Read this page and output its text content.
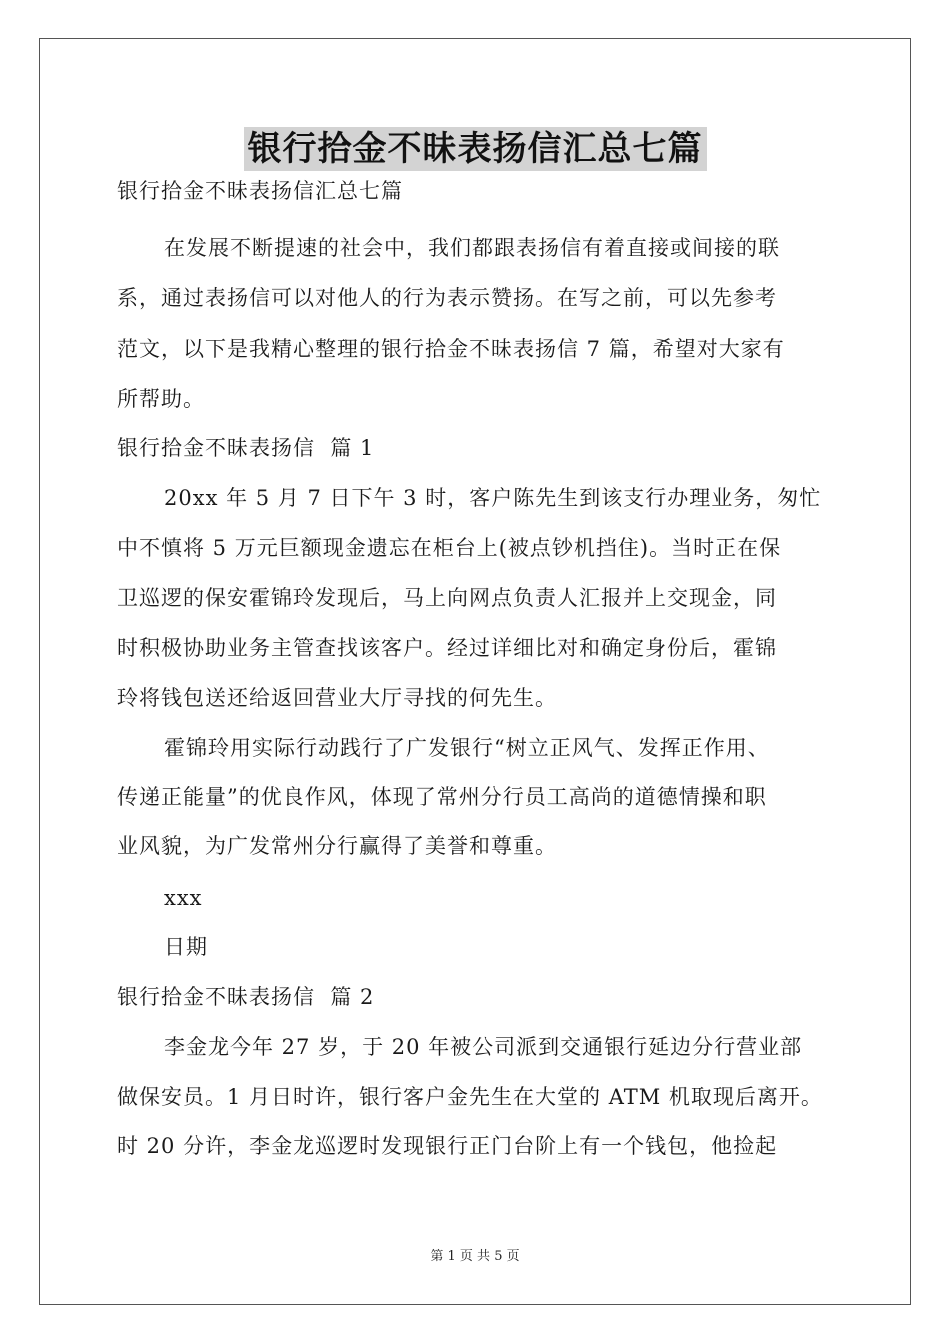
银行拾金不昧表扬信汇总七篇
银行拾金不昧表扬信汇总七篇
在发展不断提速的社会中，我们都跟表扬信有着直接或间接的联
系，通过表扬信可以对他人的行为表示赞扬。在写之前，可以先参考
范文，以下是我精心整理的银行拾金不昧表扬信 7 篇，希望对大家有
所帮助。
银行拾金不昧表扬信  篇 1
20xx 年 5 月 7 日下午 3 时，客户陈先生到该支行办理业务，匆忙
中不慎将 5 万元巨额现金遗忘在柜台上(被点钞机挡住)。当时正在保
卫巡逻的保安霍锦玲发现后，马上向网点负责人汇报并上交现金，同
时积极协助业务主管查找该客户。经过详细比对和确定身份后，霍锦
玲将钱包送还给返回营业大厅寻找的何先生。
霍锦玲用实际行动践行了广发银行“树立正风气、发挥正作用、
传递正能量”的优良作风，体现了常州分行员工高尚的道德情操和职
业风貌，为广发常州分行赢得了美誉和尊重。
xxx
日期
银行拾金不昧表扬信  篇 2
李金龙今年 27 岁，于 20 年被公司派到交通银行延边分行营业部
做保安员。1 月日时许，银行客户金先生在大堂的 ATM 机取现后离开。
时 20 分许，李金龙巡逻时发现银行正门台阶上有一个钱包，他捡起
第 1 页 共 5 页
